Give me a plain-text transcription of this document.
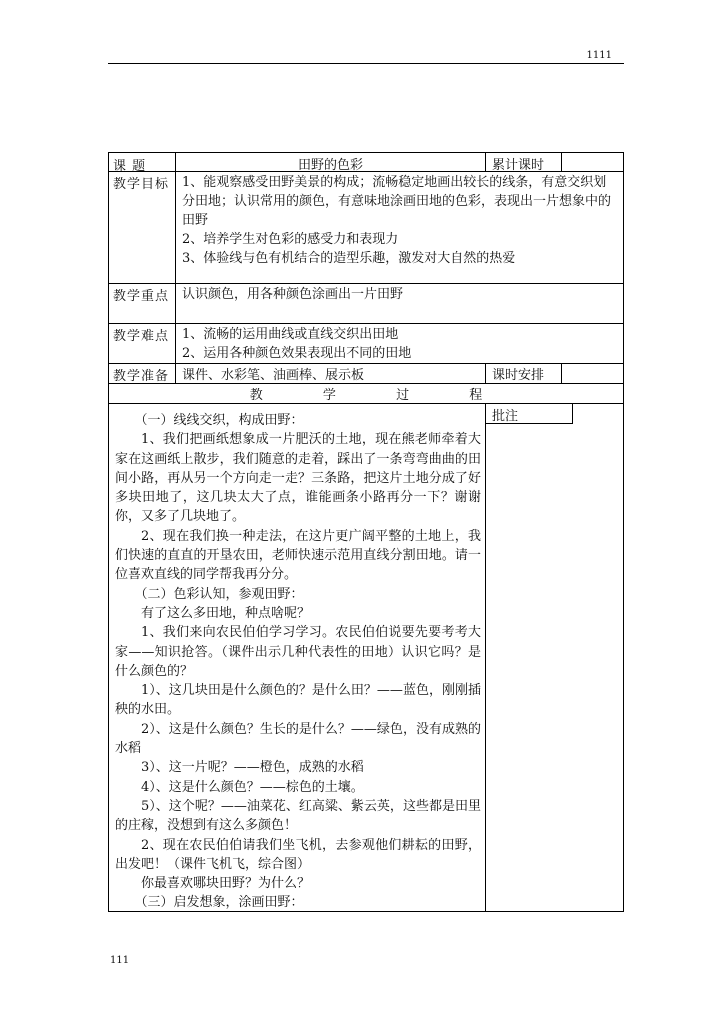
1111
课 题	田野的色彩	累计课时
教学目标 1、能观察感受田野美景的构成；流畅稳定地画出较长的线条，有意交织划分田地；认识常用的颜色，有意味地涂画田地的色彩，表现出一片想象中的田野

2、培养学生对色彩的感受力和表现力

3、体验线与色有机结合的造型乐趣，激发对大自然的热爱

教学重点 认识颜色，用各种颜色涂画出一片田野

教学难点 1、流畅的运用曲线或直线交织出田地

2、运用各种颜色效果表现出不同的田地

教学准备 课件、水彩笔、油画棒、展示板	课时安排
教	学	过	程

（一）线线交织，构成田野：

1、我们把画纸想象成一片肥沃的土地，现在熊老师牵着大家在这画纸上散步，我们随意的走着，踩出了一条弯弯曲曲的田间小路，再从另一个方向走一走？三条路，把这片土地分成了好多块田地了，这几块太大了点，谁能画条小路再分一下？谢谢你，又多了几块地了。

2、现在我们换一种走法，在这片更广阔平整的土地上，我们快速的直直的开垦农田，老师快速示范用直线分割田地。请一位喜欢直线的同学帮我再分分。

（二）色彩认知，参观田野：

有了这么多田地，种点啥呢？

1、我们来向农民伯伯学习学习。农民伯伯说要先要考考大家——知识抢答。（课件出示几种代表性的田地）认识它吗？是什么颜色的？

1）、这几块田是什么颜色的？是什么田？——蓝色，刚刚插秧的水田。

2）、这是什么颜色？生长的是什么？——绿色，没有成熟的水稻

3）、这一片呢？——橙色，成熟的水稻

4）、这是什么颜色？——棕色的土壤。

5）、这个呢？——油菜花、红高粱、紫云英，这些都是田里的庄稼，没想到有这么多颜色！

2、现在农民伯伯请我们坐飞机，去参观他们耕耘的田野，出发吧！（课件飞机飞，综合图）

你最喜欢哪块田野？为什么？

（三）启发想象，涂画田野：

批注
111
